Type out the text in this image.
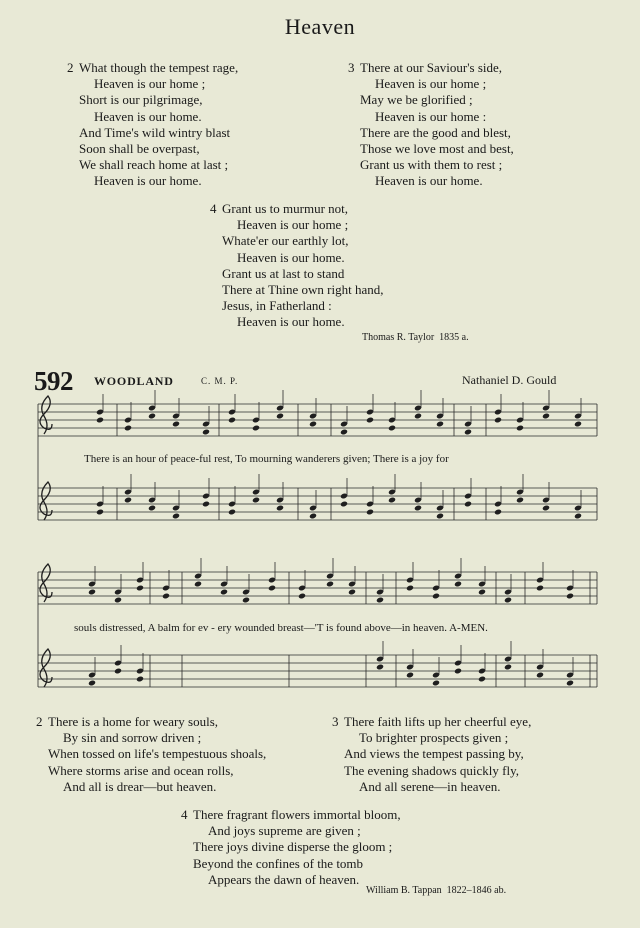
Heaven
2 What though the tempest rage,
Heaven is our home ;
Short is our pilgrimage,
Heaven is our home.
And Time's wild wintry blast
Soon shall be overpast,
We shall reach home at last ;
Heaven is our home.
3 There at our Saviour's side,
Heaven is our home ;
May we be glorified ;
Heaven is our home :
There are the good and blest,
Those we love most and best,
Grant us with them to rest ;
Heaven is our home.
4 Grant us to murmur not,
Heaven is our home ;
Whate'er our earthly lot,
Heaven is our home.
Grant us at last to stand
There at Thine own right hand,
Jesus, in Fatherland :
Heaven is our home.
Thomas R. Taylor 1835 a.
592 WOODLAND	C. M. P.	Nathaniel D. Gould
There is an hour of peace-ful rest, To mourning wanderers given; There is a joy for
souls distressed, A balm for ev - ery wounded breast—'T is found above—in heaven. A-MEN.
2 There is a home for weary souls,
By sin and sorrow driven ;
When tossed on life's tempestuous shoals,
Where storms arise and ocean rolls,
And all is drear—but heaven.
3 There faith lifts up her cheerful eye,
To brighter prospects given ;
And views the tempest passing by,
The evening shadows quickly fly,
And all serene—in heaven.
4 There fragrant flowers immortal bloom,
And joys supreme are given ;
There joys divine disperse the gloom ;
Beyond the confines of the tomb
Appears the dawn of heaven.
William B. Tappan 1822–1846 ab.
